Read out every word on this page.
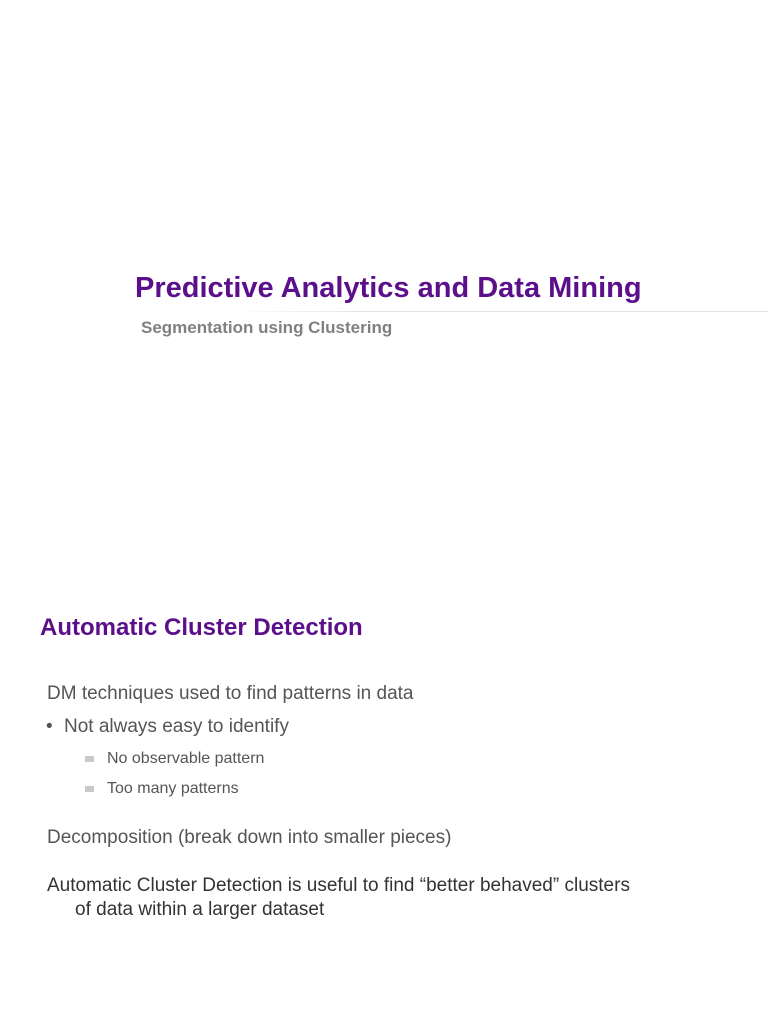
Predictive Analytics and Data Mining
Segmentation using Clustering
Automatic Cluster Detection

DM techniques used to find patterns in data

• Not always easy to identify
No observable pattern
Too many patterns

Decomposition (break down into smaller pieces)

Automatic Cluster Detection is useful to find “better behaved” clusters
of data within a larger dataset
